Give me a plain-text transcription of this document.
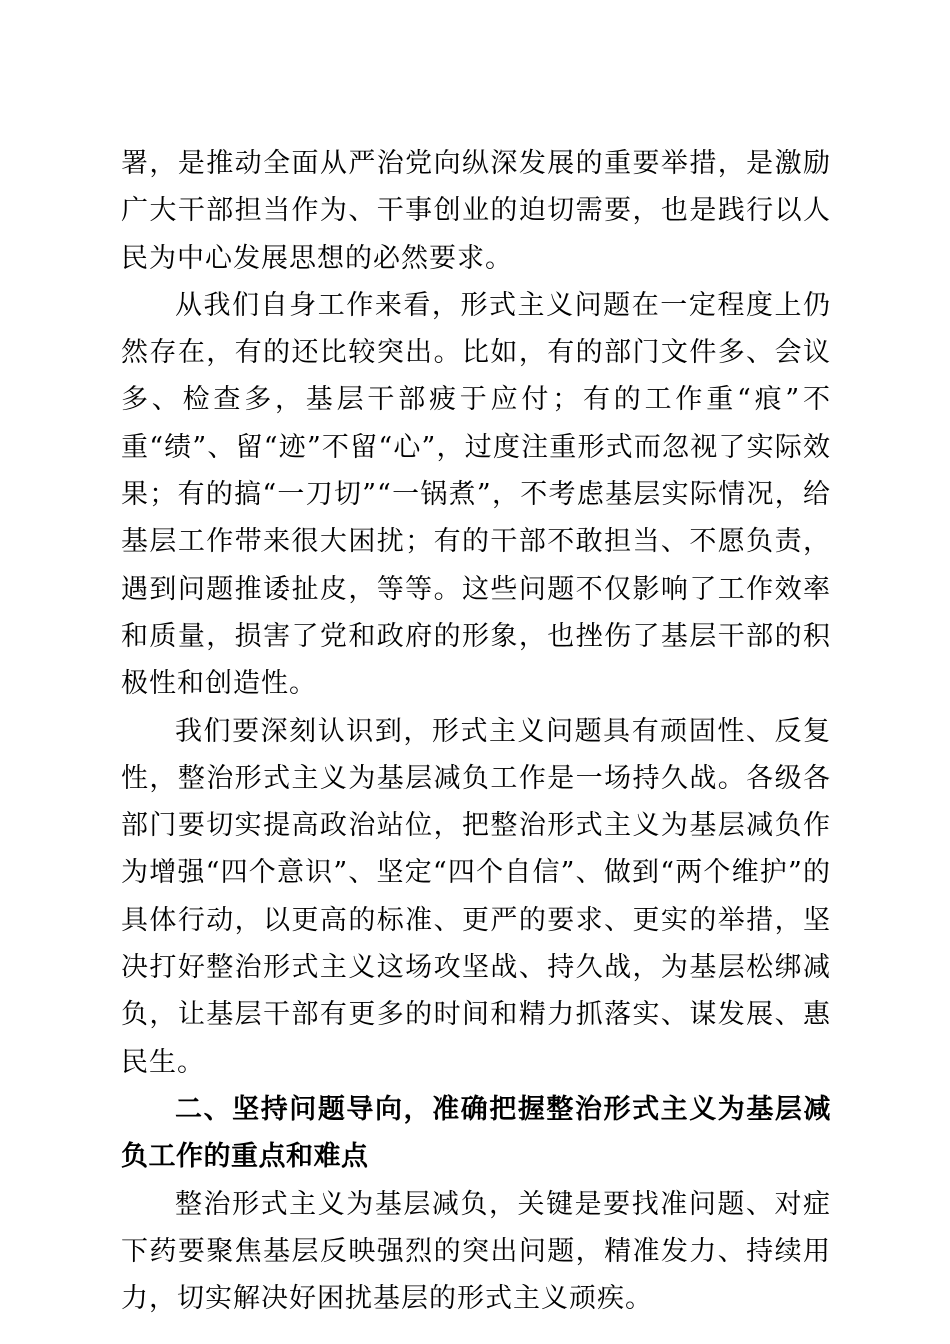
署，是推动全面从严治党向纵深发展的重要举措，是激励广大干部担当作为、干事创业的迫切需要，也是践行以人民为中心发展思想的必然要求。

从我们自身工作来看，形式主义问题在一定程度上仍然存在，有的还比较突出。比如，有的部门文件多、会议多、检查多，基层干部疲于应付；有的工作重“痕”不重“绩”、留“迹”不留“心”，过度注重形式而忽视了实际效果；有的搞“一刀切”“一锅煮”，不考虑基层实际情况，给基层工作带来很大困扰；有的干部不敢担当、不愿负责，遇到问题推诿扯皮，等等。这些问题不仅影响了工作效率和质量，损害了党和政府的形象，也挫伤了基层干部的积极性和创造性。

我们要深刻认识到，形式主义问题具有顽固性、反复性，整治形式主义为基层减负工作是一场持久战。各级各部门要切实提高政治站位，把整治形式主义为基层减负作为增强“四个意识”、坚定“四个自信”、做到“两个维护”的具体行动，以更高的标准、更严的要求、更实的举措，坚决打好整治形式主义这场攻坚战、持久战，为基层松绑减负，让基层干部有更多的时间和精力抓落实、谋发展、惠民生。

二、坚持问题导向，准确把握整治形式主义为基层减负工作的重点和难点

整治形式主义为基层减负，关键是要找准问题、对症下药要聚焦基层反映强烈的突出问题，精准发力、持续用力，切实解决好困扰基层的形式主义顽疾。
